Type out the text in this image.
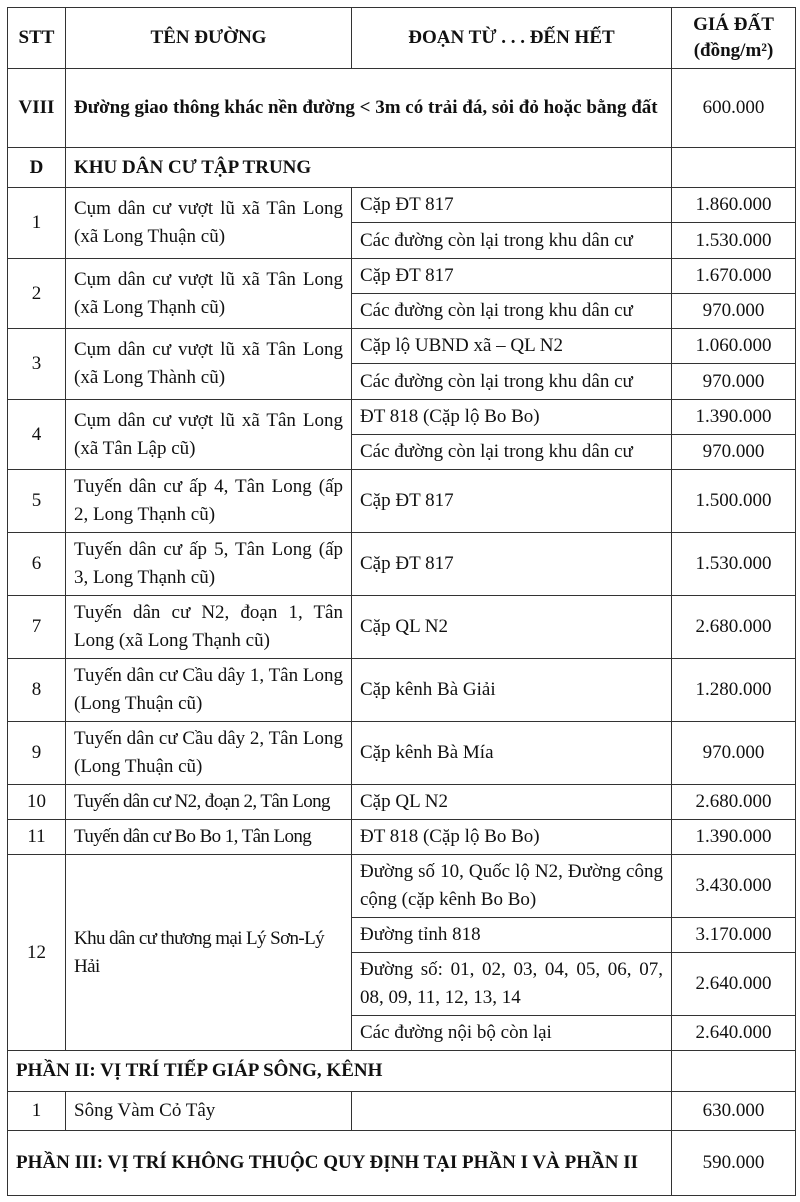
STT	TÊN ĐƯỜNG	ĐOẠN TỪ . . . ĐẾN HẾT	GIÁ ĐẤT
(đồng/m²)

VIII	Đường giao thông khác nền đường < 3m có trải đá, sỏi đỏ hoặc bằng đất		600.000
D	KHU DÂN CƯ TẬP TRUNG		
1	Cụm dân cư vượt lũ xã Tân Long (xã Long Thuận cũ)	Cặp ĐT 817	1.860.000
		Các đường còn lại trong khu dân cư	1.530.000
2	Cụm dân cư vượt lũ xã Tân Long (xã Long Thạnh cũ)	Cặp ĐT 817	1.670.000
		Các đường còn lại trong khu dân cư	970.000
3	Cụm dân cư vượt lũ xã Tân Long (xã Long Thành cũ)	Cặp lộ UBND xã – QL N2	1.060.000
		Các đường còn lại trong khu dân cư	970.000
4	Cụm dân cư vượt lũ xã Tân Long (xã Tân Lập cũ)	ĐT 818 (Cặp lộ Bo Bo)	1.390.000
		Các đường còn lại trong khu dân cư	970.000
5	Tuyến dân cư ấp 4, Tân Long (ấp 2, Long Thạnh cũ)	Cặp ĐT 817	1.500.000
6	Tuyến dân cư ấp 5, Tân Long (ấp 3, Long Thạnh cũ)	Cặp ĐT 817	1.530.000
7	Tuyến dân cư N2, đoạn 1, Tân Long (xã Long Thạnh cũ)	Cặp QL N2	2.680.000
8	Tuyến dân cư Cầu dây 1, Tân Long (Long Thuận cũ)	Cặp kênh Bà Giải	1.280.000
9	Tuyến dân cư Cầu dây 2, Tân Long (Long Thuận cũ)	Cặp kênh Bà Mía	970.000
10	Tuyến dân cư N2, đoạn 2, Tân Long	Cặp QL N2	2.680.000
11	Tuyến dân cư Bo Bo 1, Tân Long	ĐT 818 (Cặp lộ Bo Bo)	1.390.000
12	Khu dân cư thương mại Lý Sơn-Lý Hải	Đường số 10, Quốc lộ N2, Đường công cộng (cặp kênh Bo Bo)	3.430.000
		Đường tỉnh 818	3.170.000
		Đường số: 01, 02, 03, 04, 05, 06, 07, 08, 09, 11, 12, 13, 14	2.640.000
		Các đường nội bộ còn lại	2.640.000
PHẦN II: VỊ TRÍ TIẾP GIÁP SÔNG, KÊNH			
1	Sông Vàm Cỏ Tây		630.000
PHẦN III: VỊ TRÍ KHÔNG THUỘC QUY ĐỊNH TẠI PHẦN I VÀ PHẦN II			590.000
